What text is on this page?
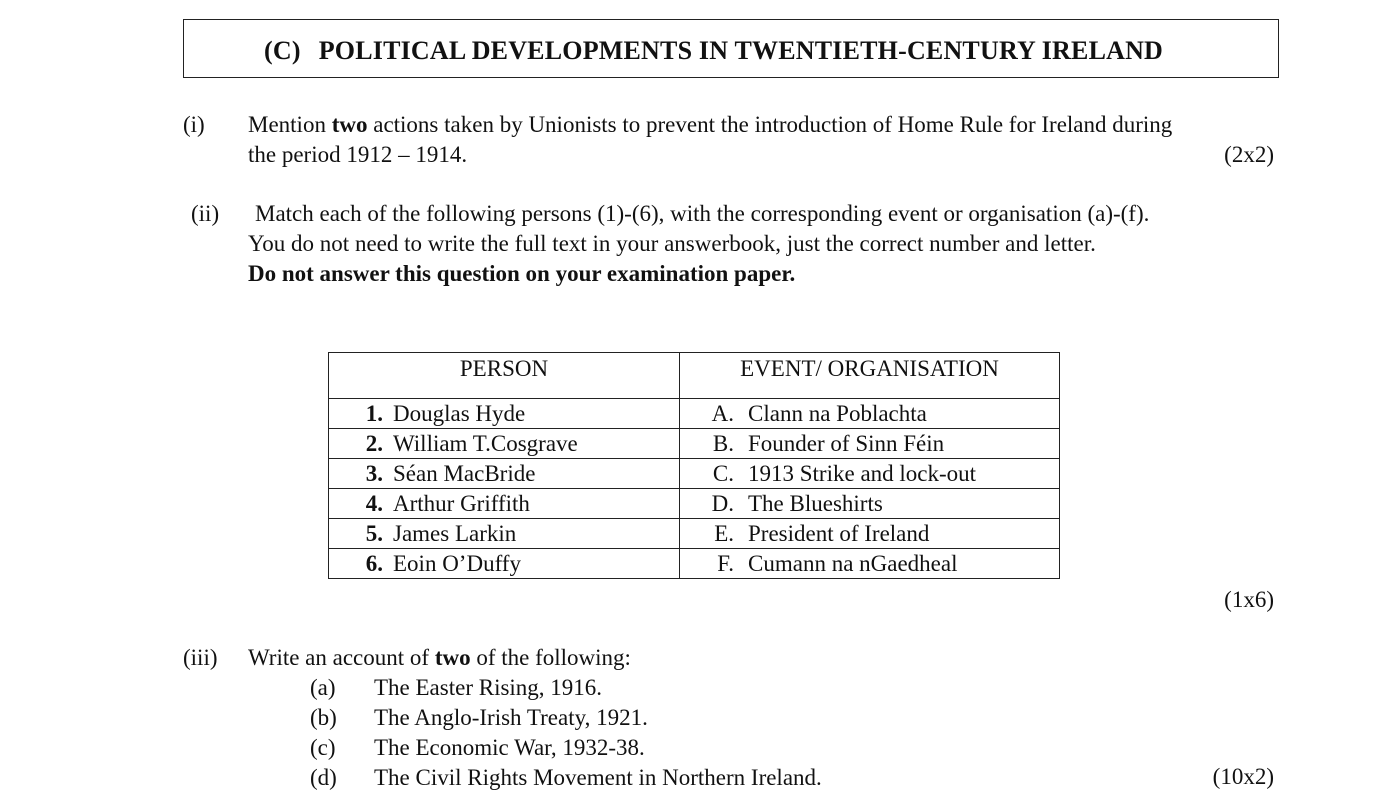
(C) POLITICAL DEVELOPMENTS IN TWENTIETH-CENTURY IRELAND
(i) Mention two actions taken by Unionists to prevent the introduction of Home Rule for Ireland during
the period 1912 – 1914.	(2x2)
(ii) Match each of the following persons (1)-(6), with the corresponding event or organisation (a)-(f).
You do not need to write the full text in your answerbook, just the correct number and letter.
Do not answer this question on your examination paper.
PERSON	EVENT/ ORGANISATION
1. Douglas Hyde	A. Clann na Poblachta
2. William T.Cosgrave	B. Founder of Sinn Féin
3. Séan MacBride	C. 1913 Strike and lock-out
4. Arthur Griffith	D. The Blueshirts
5. James Larkin	E. President of Ireland
6. Eoin O’Duffy	F. Cumann na nGaedheal
(1x6)
(iii) Write an account of two of the following:
(a)	The Easter Rising, 1916.
(b)	The Anglo-Irish Treaty, 1921.
(c)	The Economic War, 1932-38.
(d)	The Civil Rights Movement in Northern Ireland.	(10x2)
